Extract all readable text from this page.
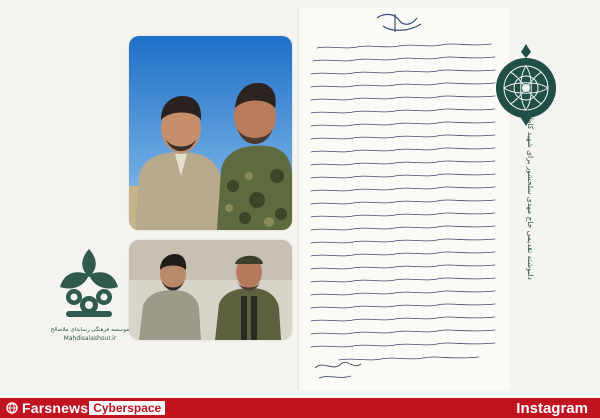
موسسه فرهنگی رسانه‌ای ملاصالح
Mahdisalashour.ir
دلنوشته تقدیمی حاج مهدی سلحشور برای شهید کاظمی
Farsnews Cyberspace	Instagram
